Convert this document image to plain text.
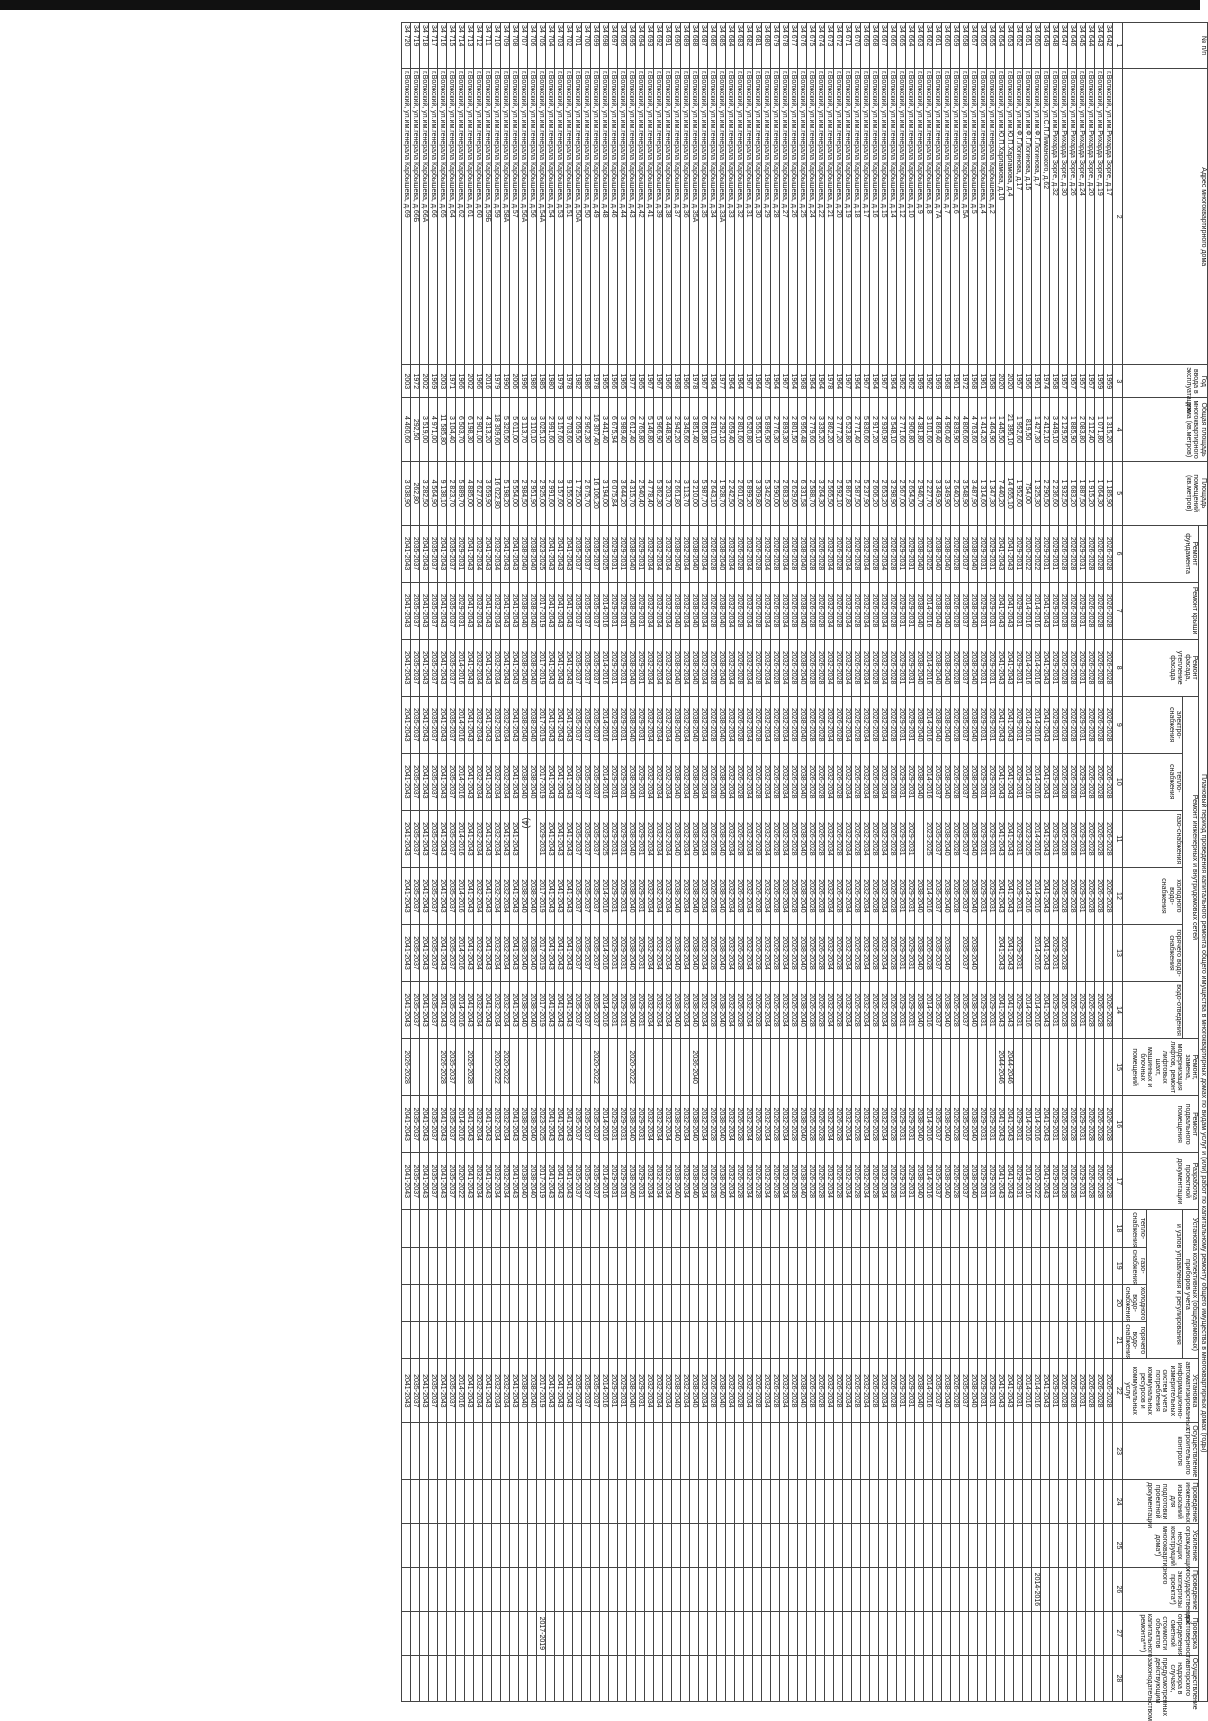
(4)
№ п/п	Адрес многоквартирного дома	Год ввода в эксплуатацию	Общая площадь многоквартирного дома (кв.метров)	Площадь помещений (кв.метров)	Плановый период проведения капитального ремонта общего имущества в многоквартирных домах по видам услуг и (или) работ по капитальному ремонту общего имущества в многоквартирных домах (годы)																						
					Ремонт фундамента	Ремонт крыши	Ремонт фасада, утепление фасада	Ремонт инженерных и внутридомовых сетей						Ремонт, замена, модернизация лифтов, ремонт лифтовых шахт, машинных и блочных помещений	Ремонт подвального помещения	Разработка проектной документации	Установка коллективных (общедомовых) приборов учета				Установка автоматизированных информационно-измерительных систем учета потребления коммунальных ресурсов и коммунальных услуг	Осуществление строительного контроля	Проведение инженерных изысканий для подготовки проектной документации	Усиление ограждающих несущих конструкций многоквартирного дома*)	Проведение государственной экспертизы проекта*)	Проверка достоверности определения сметной стоимости объектов капитального ремонта***)	Осуществление авторского надзора в случаях, предусмотренных действующим законодательством
								электро-снабжения	тепло-снабжения	газо-снабжения	холодного водо-снабжения	горячего водо-снабжения	водо-отведения				и узлов управления и регулирования										
																	тепло-снабжения	газо-снабжения	холодного водо-снабжения	горячего водо-снабжения							
1	2	3	4	5	6	7	8	9	10	11	12	13	14	15	16	17	18	19	20	21	22	23	24	25	26	27	28
34 642	г.Волжский, ул.им.Рихарда Зорге, д.17	1959	1 315,20	1 185,90	2026-2028	2026-2028	2026-2028	2026-2028	2026-2028	2026-2028	2026-2028		2026-2028		2026-2028	2026-2028					2026-2028						
34 643	г.Волжский, ул.им.Рихарда Зорге, д.19	1959	1 071,80	1 064,30	2026-2028	2026-2028	2026-2028	2026-2028	2026-2028	2026-2028	2026-2028		2026-2028		2026-2028	2026-2028					2026-2028						
34 644	г.Волжский, ул.им.Рихарда Зорге, д.20	1957	2 112,40	1 915,20	2026-2028	2026-2028	2026-2028	2026-2028	2026-2028	2026-2028	2026-2028		2026-2028		2026-2028	2026-2028					2026-2028						
34 645	г.Волжский, ул.им.Рихарда Зорге, д.24	1957	2 083,80	1 887,50	2029-2031	2029-2031	2029-2031	2029-2031	2029-2031	2029-2031	2029-2031		2029-2031		2029-2031	2029-2031					2029-2031						
34 646	г.Волжский, ул.им.Рихарда Зорге, д.26	1957	1 885,90	1 683,20	2026-2028	2026-2028	2026-2028	2026-2028	2026-2028	2026-2028	2026-2028		2026-2028		2026-2028	2026-2028					2026-2028						
34 647	г.Волжский, ул.им.Рихарда Зорге, д.30	1957	2 129,50	1 932,50	2026-2028	2026-2028	2026-2028	2026-2028	2026-2028	2026-2028	2026-2028	2026-2028	2026-2028		2026-2028	2026-2028					2026-2028						
34 648	г.Волжский, ул.им.Рихарда Зорге, д.32	1958	3 449,10	2 236,60	2029-2031	2029-2031	2029-2031	2029-2031	2029-2031	2029-2031	2029-2031	2029-2031	2029-2031		2029-2031	2029-2031					2029-2031						
34 649	г.Волжский, ул.С.П.Лиманского, д.62	1974	2 412,10	2 290,50	2029-2031	2041-2043	2041-2043	2041-2043	2041-2043	2041-2043	2041-2043	2041-2043	2041-2043		2041-2043	2041-2043					2041-2043						
34 650	г.Волжский, ул.им.Ф.Г.Логинова, д.7	1961	1 427,30	1 325,30	2020-2022	2014-2016	2014-2016	2014-2016	2014-2016	2014-2016	2014-2016	2014-2016	2014-2016		2014-2016	2020-2022					2014-2016				2014-2016		
34 651	г.Волжский, ул.им.Ф.Г.Логинова, д.15	1956	819,50	754,00	2020-2022	2014-2016	2014-2016	2014-2016	2014-2016	2023-2025	2014-2016		2014-2016		2014-2016	2014-2016					2014-2016						
34 652	г.Волжский, ул.им.Ф.Г.Логинова, д.17	1957	1 952,60	1 952,60	2029-2031	2029-2031	2029-2031	2029-2031	2029-2031	2029-2031	2029-2031	2029-2031	2029-2031		2029-2031	2029-2031					2029-2031						
34 653	г.Волжский, ул.им.Ю.П.Харламова, д.4	2020	21 395,10	14 655,10	2041-2043	2041-2043	2041-2043	2041-2043	2041-2043	2041-2043	2041-2043	2041-2043	2041-2043	2044-2046	2041-2043	2041-2043					2041-2043						
34 654	г.Волжский, ул.им.Ю.П.Харламова, д.10	2020	1 445,50	7 440,20	2041-2043	2041-2043	2041-2043	2041-2043	2041-2043	2041-2043	2041-2043	2041-2043	2041-2043	2044-2046	2041-2043	2041-2043					2041-2043						
34 655	г.Волжский, ул.им.генерала Карбышева, д.2	1958	1 464,90	1 347,30	2029-2031	2029-2031	2029-2031	2029-2031	2029-2031	2029-2031	2029-2031		2029-2031		2029-2031	2029-2031					2029-2031						
34 656	г.Волжский, ул.им.генерала Карбышева, д.4	1961	1 414,20	1 314,60	2029-2031	2029-2031	2029-2031	2029-2031	2029-2031	2029-2031	2029-2031		2029-2031		2029-2031	2029-2031					2029-2031						
34 657	г.Волжский, ул.им.генерала Карбышева, д.5	1968	4 763,60	3 487,90	2038-2040	2038-2040	2038-2040	2038-2040	2038-2040	2038-2040	2038-2040	2038-2040	2038-2040		2038-2040	2038-2040					2038-2040						
34 658	г.Волжский, ул.им.генерала Карбышева, д.5А	1972	4 806,60	3 548,90	2035-2037	2035-2037	2035-2037	2035-2037	2035-2037	2035-2037	2035-2037	2035-2037	2035-2037		2035-2037	2035-2037					2035-2037						
34 659	г.Волжский, ул.им.генерала Карбышева, д.6	1961	2 839,90	2 640,20	2026-2028	2026-2028	2026-2028	2026-2028	2026-2028	2026-2028	2026-2028		2026-2028		2026-2028	2026-2028					2026-2028						
34 660	г.Волжский, ул.им.генерала Карбышева, д.7	1968	4 960,40	3 349,90	2038-2040	2038-2040	2038-2040	2038-2040	2038-2040	2038-2040	2038-2040	2038-2040	2038-2040		2038-2040	2038-2040					2038-2040						
34 661	г.Волжский, ул.им.генерала Карбышева, д.7А	1969	4 869,40	3 349,90	2038-2040	2038-2040	2038-2040	2038-2040	2035-2037	2035-2037	2035-2037	2035-2037	2035-2037		2035-2037	2035-2037					2035-2037						
34 662	г.Волжский, ул.им.генерала Карбышева, д.8	1962	3 101,60	2 227,70	2023-2025	2014-2016	2014-2016	2014-2016	2014-2016	2023-2025	2014-2016	2026-2028	2014-2016		2014-2016	2014-2016					2014-2016						
34 663	г.Волжский, ул.им.генерала Карбышева, д.9	1969	4 381,80	2 946,70	2038-2040	2038-2040	2038-2040	2038-2040	2038-2040		2038-2040	2038-2040	2038-2040		2038-2040	2038-2040					2038-2040						
34 664	г.Волжский, ул.им.генерала Карбышева, д.10	1962	2 906,80	2 654,50	2029-2031	2029-2031	2029-2031	2029-2031	2029-2031	2029-2031	2029-2031	2029-2031	2029-2031		2029-2031	2029-2031					2029-2031						
34 665	г.Волжский, ул.им.генерала Карбышева, д.12	1962	2 771,60	2 567,00	2029-2031	2029-2031	2029-2031	2029-2031	2029-2031	2029-2031	2029-2031	2029-2031	2029-2031		2029-2031	2029-2031					2029-2031						
34 666	г.Волжский, ул.им.генерала Карбышева, д.14	1964	3 548,10	3 298,90	2026-2028	2026-2028	2026-2028	2026-2028	2026-2028	2026-2028	2026-2028	2026-2028	2026-2028		2026-2028	2026-2028					2026-2028						
34 667	г.Волжский, ул.им.генерала Карбышева, д.15	1967	2 930,90	2 653,20	2032-2034	2032-2034	2032-2034	2032-2034	2032-2034	2032-2034	2032-2034	2032-2034	2032-2034		2032-2034	2032-2034					2032-2034						
34 668	г.Волжский, ул.им.генерала Карбышева, д.16	1964	2 917,20	2 606,20	2026-2028	2026-2028	2026-2028	2026-2028	2026-2028	2026-2028	2026-2028	2026-2028	2026-2028		2026-2028	2026-2028					2026-2028						
34 669	г.Волжский, ул.им.генерала Карбышева, д.17	1967	5 830,60	5 237,90	2032-2034	2032-2034	2032-2034	2032-2034	2032-2034	2032-2034	2032-2034	2032-2034	2032-2034		2032-2034	2032-2034					2032-2034						
34 670	г.Волжский, ул.им.генерала Карбышева, д.18	1964	2 771,40	2 587,50	2026-2028	2026-2028	2026-2028	2026-2028	2026-2028	2026-2028	2026-2028	2026-2028	2026-2028		2026-2028	2026-2028					2026-2028						
34 671	г.Волжский, ул.им.генерала Карбышева, д.19	1967	6 523,80	5 867,80	2032-2034	2032-2034	2032-2034	2032-2034	2032-2034	2032-2034	2032-2034	2032-2034	2032-2034		2032-2034	2032-2034					2032-2034						
34 672	г.Волжский, ул.им.генерала Карбышева, д.20	1964	2 777,20	2 592,10	2026-2028	2026-2028	2026-2028	2026-2028	2026-2028	2026-2028	2026-2028	2026-2028	2026-2028		2026-2028	2026-2028					2026-2028						
34 673	г.Волжский, ул.им.генерала Карбышева, д.21	1978	2 862,20	2 565,50	2032-2034	2032-2034	2032-2034	2032-2034	2032-2034	2032-2034	2032-2034	2032-2034	2032-2034		2032-2034	2032-2034					2032-2034						
34 674	г.Волжский, ул.им.генерала Карбышева, д.22	1964	3 335,20	3 264,30	2026-2028	2026-2028	2026-2028	2026-2028	2026-2028	2026-2028	2026-2028	2026-2028	2026-2028		2026-2028	2026-2028					2026-2028						
34 675	г.Волжский, ул.им.генерала Карбышева, д.24	1964	2 779,60	2 588,70	2026-2028	2026-2028	2026-2028	2026-2028	2026-2028	2026-2028	2026-2028	2026-2028	2026-2028		2026-2028	2026-2028					2026-2028						
34 676	г.Волжский, ул.им.генерала Карбышева, д.25	1968	6 956,48	6 331,58	2038-2040	2038-2040	2038-2040	2038-2040	2038-2040	2038-2040	2038-2040	2038-2040	2038-2040		2038-2040	2038-2040					2038-2040						
34 677	г.Волжский, ул.им.генерала Карбышева, д.26	1964	2 801,50	2 629,60	2026-2028	2026-2028	2026-2028	2026-2028	2026-2028	2026-2028	2026-2028	2026-2028	2026-2028		2026-2028	2026-2028					2026-2028						
34 678	г.Волжский, ул.им.генерала Карбышева, д.27	1967	2 893,30	2 683,30	2032-2034	2032-2034	2032-2034	2032-2034	2032-2034	2032-2034	2032-2034	2032-2034	2032-2034		2032-2034	2032-2034					2032-2034						
34 679	г.Волжский, ул.им.генерала Карбышева, д.28	1964	2 776,30	2 590,00	2026-2028	2026-2028	2026-2028	2026-2028	2026-2028	2026-2028	2026-2028	2026-2028	2026-2028		2026-2028	2026-2028					2026-2028						
34 680	г.Волжский, ул.им.генерала Карбышева, д.29	1967	5 896,90	5 342,60	2032-2034	2032-2034	2032-2034	2032-2034	2032-2034	2032-2034	2032-2034	2032-2034	2032-2034		2032-2034	2032-2034					2032-2034						
34 681	г.Волжский, ул.им.генерала Карбышева, д.30	1964	3 555,10	3 309,80	2026-2028	2026-2028	2026-2028	2026-2028	2026-2028	2026-2028	2026-2028	2026-2028	2026-2028		2026-2028	2026-2028					2026-2028						
34 682	г.Волжский, ул.им.генерала Карбышева, д.31	1967	6 520,80	5 899,20	2032-2034	2032-2034	2032-2034	2032-2034	2032-2034	2032-2034	2032-2034	2032-2034	2032-2034		2032-2034	2032-2034					2032-2034						
34 683	г.Волжский, ул.им.генерала Карбышева, д.32	1964	2 801,60	2 601,60	2026-2028	2026-2028	2026-2028	2026-2028	2026-2028	2026-2028	2026-2028	2026-2028	2026-2028		2026-2028	2026-2028					2026-2028						
34 684	г.Волжский, ул.им.генерала Карбышева, д.33	1964	2 659,40	2 242,50	2032-2034	2032-2034	2032-2034	2032-2034	2032-2034	2032-2034	2032-2034	2032-2034	2032-2034		2032-2034	2032-2034					2032-2034						
34 685	г.Волжский, ул.им.генерала Карбышева, д.33А	1977	2 292,10	1 928,70	2038-2040	2038-2040	2038-2040	2038-2040	2038-2040	2038-2040	2038-2040	2038-2040	2038-2040		2038-2040	2038-2040					2038-2040						
34 686	г.Волжский, ул.им.генерала Карбышева, д.34	1964	2 810,10	2 643,10	2026-2028	2026-2028	2026-2028	2026-2028	2026-2028	2026-2028	2026-2028	2026-2028	2026-2028		2026-2028	2026-2028					2026-2028						
34 687	г.Волжский, ул.им.генерала Карбышева, д.35	1967	6 655,80	5 987,70	2032-2034	2032-2034	2032-2034	2032-2034	2032-2034	2032-2034	2032-2034	2032-2034	2032-2034		2032-2034	2032-2034					2032-2034						
34 688	г.Волжский, ул.им.генерала Карбышева, д.35А	1978	3 851,40	3 210,00	2038-2040	2038-2040	2038-2040	2038-2040	2038-2040	2038-2040	2038-2040	2038-2040	2038-2040	2036-2040	2038-2040	2038-2040					2038-2040						
34 689	г.Волжский, ул.им.генерала Карбышева, д.36	1966	3 345,60	3 113,70	2032-2034	2032-2034	2032-2034	2032-2034	2032-2034	2032-2034	2032-2034	2032-2034	2032-2034		2032-2034	2032-2034					2032-2034						
34 690	г.Волжский, ул.им.генерала Карбышева, д.37	1968	2 942,20	2 661,80	2038-2040	2038-2040	2038-2040	2038-2040	2038-2040	2038-2040	2038-2040	2038-2040	2038-2040		2038-2040	2038-2040					2038-2040						
34 691	г.Волжский, ул.им.генерала Карбышева, д.38	1966	3 448,90	3 203,70	2032-2034	2032-2034	2032-2034	2032-2034	2032-2034	2032-2034	2032-2034	2032-2034	2032-2034		2032-2034	2032-2034					2032-2034						
34 692	г.Волжский, ул.им.генерала Карбышева, д.39	1967	5 966,90	5 362,30	2032-2034	2032-2034	2032-2034	2032-2034	2032-2034	2032-2034	2032-2034	2032-2034	2032-2034		2032-2034	2032-2034					2032-2034						
34 693	г.Волжский, ул.им.генерала Карбышева, д.41	1967	5 146,80	4 778,40	2032-2034	2032-2034	2032-2034	2032-2034	2032-2034	2032-2034	2032-2034	2032-2034	2032-2034		2032-2034	2032-2034					2032-2034						
34 694	г.Волжский, ул.им.генерала Карбышева, д.42	1965	2 765,80	2 540,40	2029-2031	2029-2031	2029-2031	2029-2031	2029-2031	2029-2031	2029-2031	2029-2031	2029-2031		2029-2031	2029-2031					2029-2031						
34 695	г.Волжский, ул.им.генерала Карбышева, д.43	1977	6 612,40	4 315,70	2038-2040	2038-2040	2038-2040	2038-2040	2038-2040	2038-2040	2038-2040	2038-2040	2038-2040	2020-2022	2038-2040	2038-2040					2038-2040						
34 696	г.Волжский, ул.им.генерала Карбышева, д.44	1965	3 989,40	3 644,20	2029-2031	2029-2031	2029-2031	2029-2031	2029-2031	2029-2031	2029-2031	2029-2031	2029-2031		2029-2031	2029-2031					2029-2031						
34 697	г.Волжский, ул.им.генерала Карбышева, д.46	1966	6 675,94	6 075,84	2029-2031	2029-2031	2029-2031	2029-2031	2029-2031	2029-2031	2029-2031	2029-2031	2029-2031		2029-2031	2029-2031					2029-2031						
34 698	г.Волжский, ул.им.генерала Карбышева, д.48	1965	3 441,40	3 194,00	2023-2025	2014-2016	2014-2016	2014-2016	2014-2016	2023-2025	2014-2016	2014-2016	2014-2016		2014-2016	2014-2016					2014-2016						
34 699	г.Волжский, ул.им.генерала Карбышева, д.49	1978	16 307,40	16 106,20	2035-2037	2035-2037	2035-2037	2035-2037	2035-2037	2035-2037	2035-2037	2035-2037	2035-2037	2020-2022	2035-2037	2035-2037					2035-2037						
34 700	г.Волжский, ул.им.генерала Карбышева, д.50	1986	2 962,30	2 675,70	2035-2037	2035-2037	2035-2037	2035-2037	2035-2037	2035-2037	2035-2037	2035-2037	2035-2037		2035-2037	2035-2037					2035-2037						
34 701	г.Волжский, ул.им.генерала Карбышева, д.50А	1982	2 059,50	1 725,00	2035-2037	2035-2037	2035-2037	2035-2037	2035-2037	2035-2037	2035-2037	2035-2037	2035-2037		2035-2037	2035-2037					2035-2037						
34 702	г.Волжский, ул.им.генерала Карбышева, д.51	1978	9 703,60	9 155,00	2041-2043	2041-2043	2041-2043	2041-2043	2041-2043	2041-2043	2041-2043	2041-2043	2041-2043		2041-2043	2041-2043					2041-2043						
34 703	г.Волжский, ул.им.генерала Карбышева, д.53	1979	3 157,60	3 157,60	2041-2043	2041-2043	2041-2043	2041-2043	2041-2043	2041-2043	2041-2043	2041-2043	2041-2043		2041-2043	2041-2043					2041-2043						
34 704	г.Волжский, ул.им.генерала Карбышева, д.54	1980	2 991,60	2 991,60	2041-2043	2041-2043	2041-2043	2041-2043	2041-2043	2041-2043	2041-2043	2041-2043	2041-2043		2041-2043	2041-2043					2041-2043						
34 705	г.Волжский, ул.им.генерала Карбышева, д.54А	1985	3 025,10	2 925,00	2023-2025	2017-2019	2017-2019	2017-2019	2017-2019	2029-2031	2017-2019	2017-2019	2017-2019		2023-2025	2017-2019					2017-2019					2017-2019	
34 706	г.Волжский, ул.им.генерала Карбышева, д.56	1986	3 110,10	2 951,90	2038-2040	2038-2040	2038-2040	2038-2040	2038-2040		2038-2040	2038-2040	2038-2040		2038-2040	2038-2040					2038-2040						
34 707	г.Волжский, ул.им.генерала Карбышева, д.56А	1996	3 113,70	2 984,50	2038-2040	2038-2040	2038-2040	2038-2040	2038-2040		2038-2040	2038-2040	2038-2040		2038-2040	2038-2040					2038-2040						
34 708	г.Волжский, ул.им.генерала Карбышева, д.57	2006	5 611,00	5 554,00	2041-2043	2041-2043	2041-2043	2041-2043	2041-2043	2041-2043	2041-2043	2041-2043	2041-2043		2041-2043	2041-2043					2041-2043						
34 709	г.Волжский, ул.им.генерала Карбышева, д.58А	1990	5 320,50	5 198,20	2041-2043	2041-2043	2041-2043	2032-2034	2032-2034	2041-2043	2032-2034	2032-2034	2032-2034	2020-2022	2032-2034	2032-2034					2032-2034						
34 710	г.Волжский, ул.им.генерала Карбышева, д.59	1979	18 309,60	16 022,80	2032-2034	2032-2034	2032-2034	2032-2034	2032-2034	2032-2034	2032-2034	2032-2034	2032-2034	2020-2022	2032-2034	2032-2034					2032-2034						
34 711	г.Волжский, ул.им.генерала Карбышева, д.59Б	2016	4 313,20	3 659,90	2041-2043	2041-2043	2041-2043	2041-2043	2041-2043	2041-2043	2041-2043	2041-2043	2041-2043		2041-2043	2041-2043					2041-2043						
34 712	г.Волжский, ул.им.генерала Карбышева, д.60	1966	2 901,00	2 627,00	2032-2034	2032-2034	2032-2034	2032-2034	2032-2034	2032-2034	2032-2034	2032-2034	2032-2034		2032-2034	2032-2034					2032-2034						
34 713	г.Волжский, ул.им.генерала Карбышева, д.61	2002	6 198,30	4 885,00	2041-2043	2041-2043	2041-2043	2041-2043	2041-2043	2041-2043	2041-2043	2041-2043	2041-2043	2026-2028	2041-2043	2041-2043					2041-2043						
34 714	г.Волжский, ул.им.генерала Карбышева, д.62	1966	6 503,70	5 889,70	2029-2031	2029-2031	2014-2016	2014-2016	2014-2016	2014-2016	2014-2016	2014-2016	2014-2016		2014-2016	2020-2022					2014-2016						
34 715	г.Волжский, ул.им.генерала Карбышева, д.64	1971	3 104,40	2 823,70	2035-2037	2035-2037	2035-2037	2035-2037	2035-2037	2035-2037	2035-2037	2035-2037	2035-2037	2035-2037	2035-2037	2035-2037					2035-2037						
34 716	г.Волжский, ул.им.генерала Карбышева, д.65	2003	11 585,80	9 138,10	2041-2043	2041-2043	2041-2043	2041-2043	2041-2043	2041-2043	2041-2043	2041-2043	2041-2043	2026-2028	2041-2043	2041-2043					2041-2043						
34 717	г.Волжский, ул.им.генерала Карбышева, д.66	1969	4 971,00	4 564,90	2035-2037	2035-2037	2035-2037	2035-2037	2035-2037	2035-2037	2035-2037	2035-2037	2035-2037		2035-2037	2035-2037					2035-2037						
34 718	г.Волжский, ул.им.генерала Карбышева, д.66А	2002	3 519,00	3 282,50	2041-2043	2041-2043	2041-2043	2041-2043	2041-2043	2041-2043	2041-2043	2041-2043	2041-2043		2041-2043	2041-2043					2041-2043						
34 719	г.Волжский, ул.им.генерала Карбышева, д.66Б	1972	292,50	262,80	2035-2037	2035-2037	2035-2037	2035-2037	2035-2037	2035-2037	2035-2037	2035-2037	2035-2037		2035-2037	2035-2037					2035-2037						
34 720	г.Волжский, ул.им.генерала Карбышева, д.69	2003	4 460,60	3 038,90	2041-2043	2041-2043	2041-2043	2041-2043	2041-2043	2041-2043	2041-2043	2041-2043	2041-2043	2026-2028	2041-2043	2041-2043					2041-2043						
